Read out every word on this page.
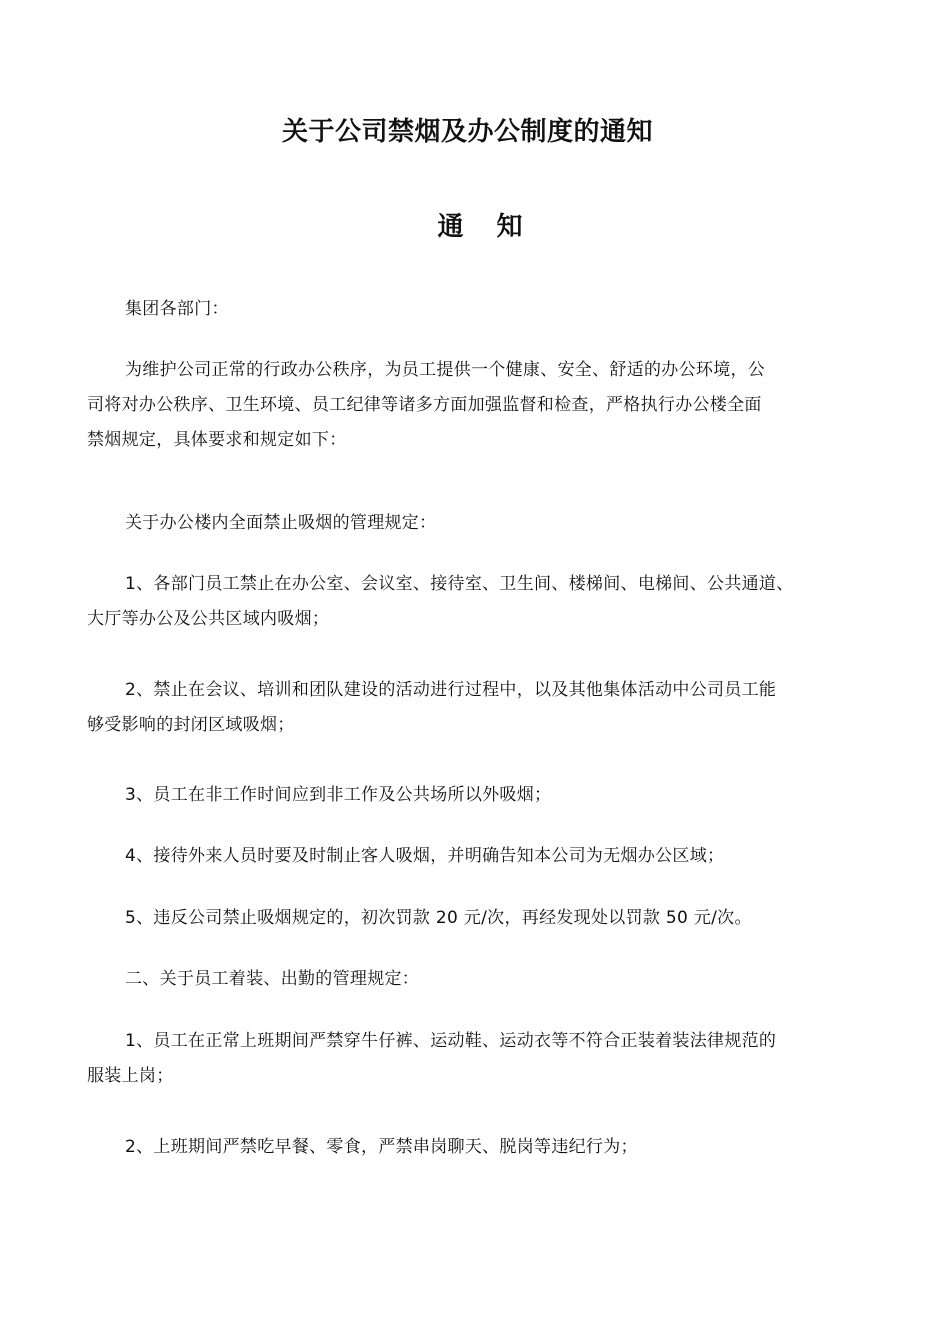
关于公司禁烟及办公制度的通知
通 知
集团各部门：
为维护公司正常的行政办公秩序，为员工提供一个健康、安全、舒适的办公环境，公
司将对办公秩序、卫生环境、员工纪律等诸多方面加强监督和检查，严格执行办公楼全面
禁烟规定，具体要求和规定如下：
关于办公楼内全面禁止吸烟的管理规定：
1、各部门员工禁止在办公室、会议室、接待室、卫生间、楼梯间、电梯间、公共通道、
大厅等办公及公共区域内吸烟；
2、禁止在会议、培训和团队建设的活动进行过程中，以及其他集体活动中公司员工能
够受影响的封闭区域吸烟；
3、员工在非工作时间应到非工作及公共场所以外吸烟；
4、接待外来人员时要及时制止客人吸烟，并明确告知本公司为无烟办公区域；
5、违反公司禁止吸烟规定的，初次罚款 20 元/次，再经发现处以罚款 50 元/次。
二、关于员工着装、出勤的管理规定：
1、员工在正常上班期间严禁穿牛仔裤、运动鞋、运动衣等不符合正装着装法律规范的
服装上岗；
2、上班期间严禁吃早餐、零食，严禁串岗聊天、脱岗等违纪行为；
